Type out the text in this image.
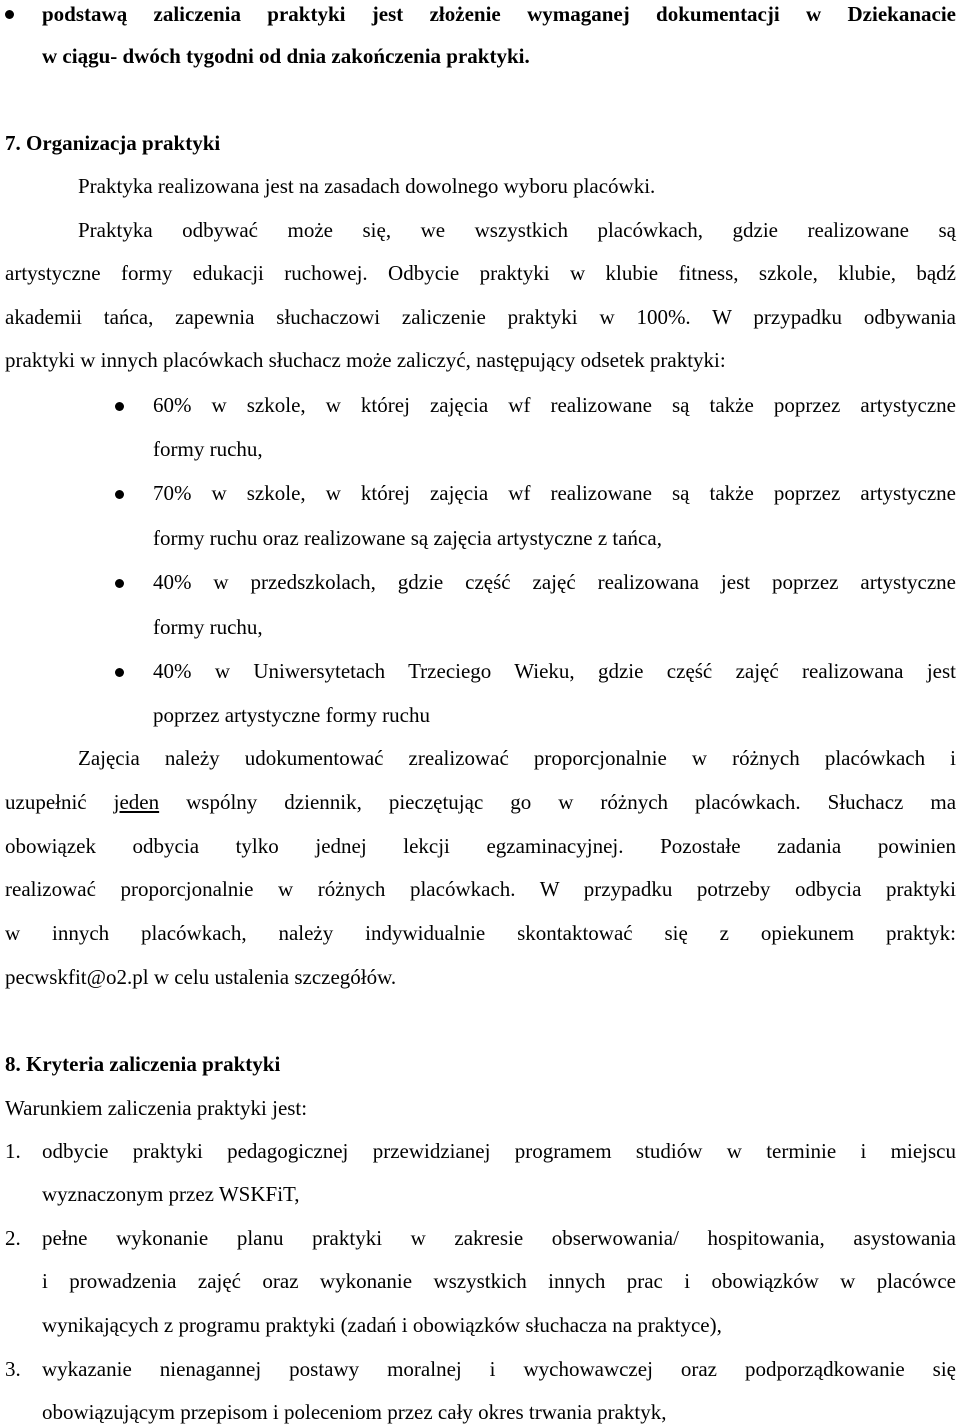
podstawą zaliczenia praktyki jest złożenie wymaganej dokumentacji w Dziekanacie
w ciągu- dwóch tygodni od dnia zakończenia praktyki.
7. Organizacja praktyki
Praktyka realizowana jest na zasadach dowolnego wyboru placówki.
Praktyka odbywać może się, we wszystkich placówkach, gdzie realizowane są
artystyczne formy edukacji ruchowej. Odbycie praktyki w klubie fitness, szkole, klubie, bądź
akademii tańca, zapewnia słuchaczowi zaliczenie praktyki w 100%. W przypadku odbywania
praktyki w innych placówkach słuchacz może zaliczyć, następujący odsetek praktyki:
60% w szkole, w której zajęcia wf realizowane są także poprzez artystyczne
formy ruchu,
70% w szkole, w której zajęcia wf realizowane są także poprzez artystyczne
formy ruchu oraz realizowane są zajęcia artystyczne z tańca,
40% w przedszkolach, gdzie część zajęć realizowana jest poprzez artystyczne
formy ruchu,
40% w Uniwersytetach Trzeciego Wieku, gdzie część zajęć realizowana jest
poprzez artystyczne formy ruchu
Zajęcia należy udokumentować zrealizować proporcjonalnie w różnych placówkach i
uzupełnić jeden wspólny dziennik, pieczętując go w różnych placówkach. Słuchacz ma
obowiązek odbycia tylko jednej lekcji egzaminacyjnej. Pozostałe zadania powinien
realizować proporcjonalnie w różnych placówkach. W przypadku potrzeby odbycia praktyki
w innych placówkach, należy indywidualnie skontaktować się z opiekunem praktyk:
pecwskfit@o2.pl w celu ustalenia szczegółów.
8. Kryteria zaliczenia praktyki
Warunkiem zaliczenia praktyki jest:
1.	odbycie praktyki pedagogicznej przewidzianej programem studiów w terminie i miejscu
wyznaczonym przez WSKFiT,
2.	pełne wykonanie planu praktyki w zakresie obserwowania/ hospitowania, asystowania
i prowadzenia zajęć oraz wykonanie wszystkich innych prac i obowiązków w placówce
wynikających z programu praktyki (zadań i obowiązków słuchacza na praktyce),
3.	wykazanie nienagannej postawy moralnej i wychowawczej oraz podporządkowanie się
obowiązującym przepisom i poleceniom przez cały okres trwania praktyk,
